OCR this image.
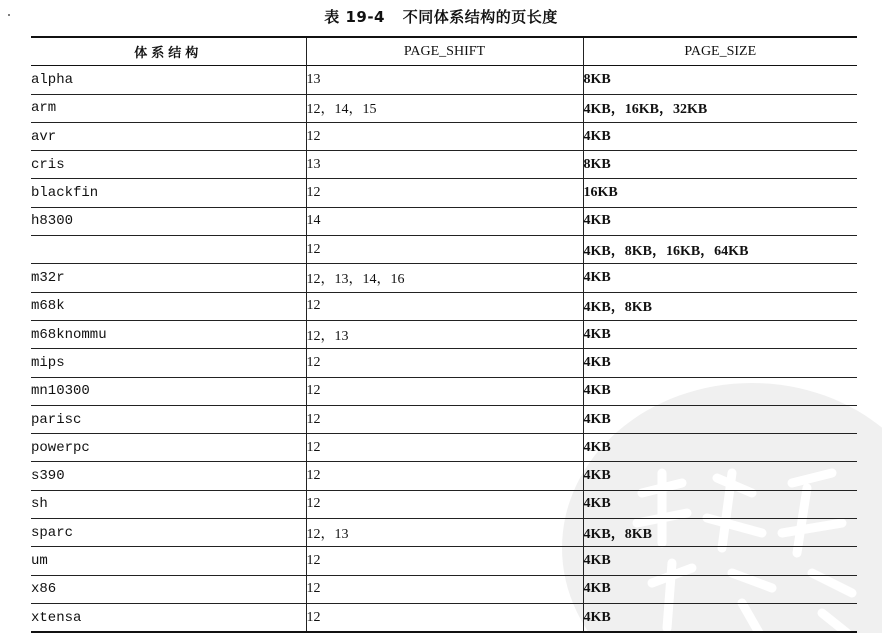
表 19-4 不同体系结构的页长度
体系结构	PAGE_SHIFT	PAGE_SIZE
alpha	13	8KB
arm	12，14，15	4KB，16KB，32KB
avr	12	4KB
cris	13	8KB
blackfin	12	16KB
h8300	14	4KB
	12	4KB，8KB，16KB，64KB
m32r	12，13，14，16	4KB
m68k	12	4KB，8KB
m68knommu	12，13	4KB
mips	12	4KB
mn10300	12	4KB
parisc	12	4KB
powerpc	12	4KB
s390	12	4KB
sh	12	4KB
sparc	12，13	4KB，8KB
um	12	4KB
x86	12	4KB
xtensa	12	4KB
